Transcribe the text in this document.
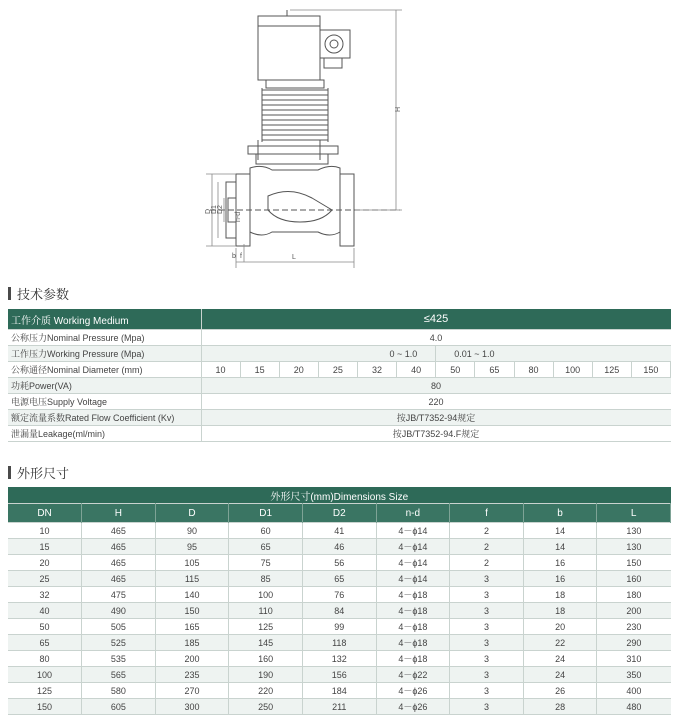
H
D D1 D2
n-d
f
b	L
技术参数
工作介质 Working Medium	≤425											
公称压力Nominal Pressure (Mpa)	4.0											
工作压力Working Pressure (Mpa)	0 ~ 1.0						0.01 ~ 1.0					
公称通径Nominal Diameter (mm)	10	15	20	25	32	40	50	65	80	100	125	150
功耗Power(VA)	80											
电源电压Supply Voltage	220											
额定流量系数Rated Flow Coefficient (Kv)	按JB/T7352-94规定											
泄漏量Leakage(ml/min)	按JB/T7352-94.F规定											
外形尺寸
外形尺寸(mm)Dimensions Size								
DN	H	D	D1	D2	n-d	f	b	L
10	465	90	60	41	4－ϕ14	2	14	130
15	465	95	65	46	4－ϕ14	2	14	130
20	465	105	75	56	4－ϕ14	2	16	150
25	465	115	85	65	4－ϕ14	3	16	160
32	475	140	100	76	4－ϕ18	3	18	180
40	490	150	110	84	4－ϕ18	3	18	200
50	505	165	125	99	4－ϕ18	3	20	230
65	525	185	145	118	4－ϕ18	3	22	290
80	535	200	160	132	4－ϕ18	3	24	310
100	565	235	190	156	4－ϕ22	3	24	350
125	580	270	220	184	4－ϕ26	3	26	400
150	605	300	250	211	4－ϕ26	3	28	480
